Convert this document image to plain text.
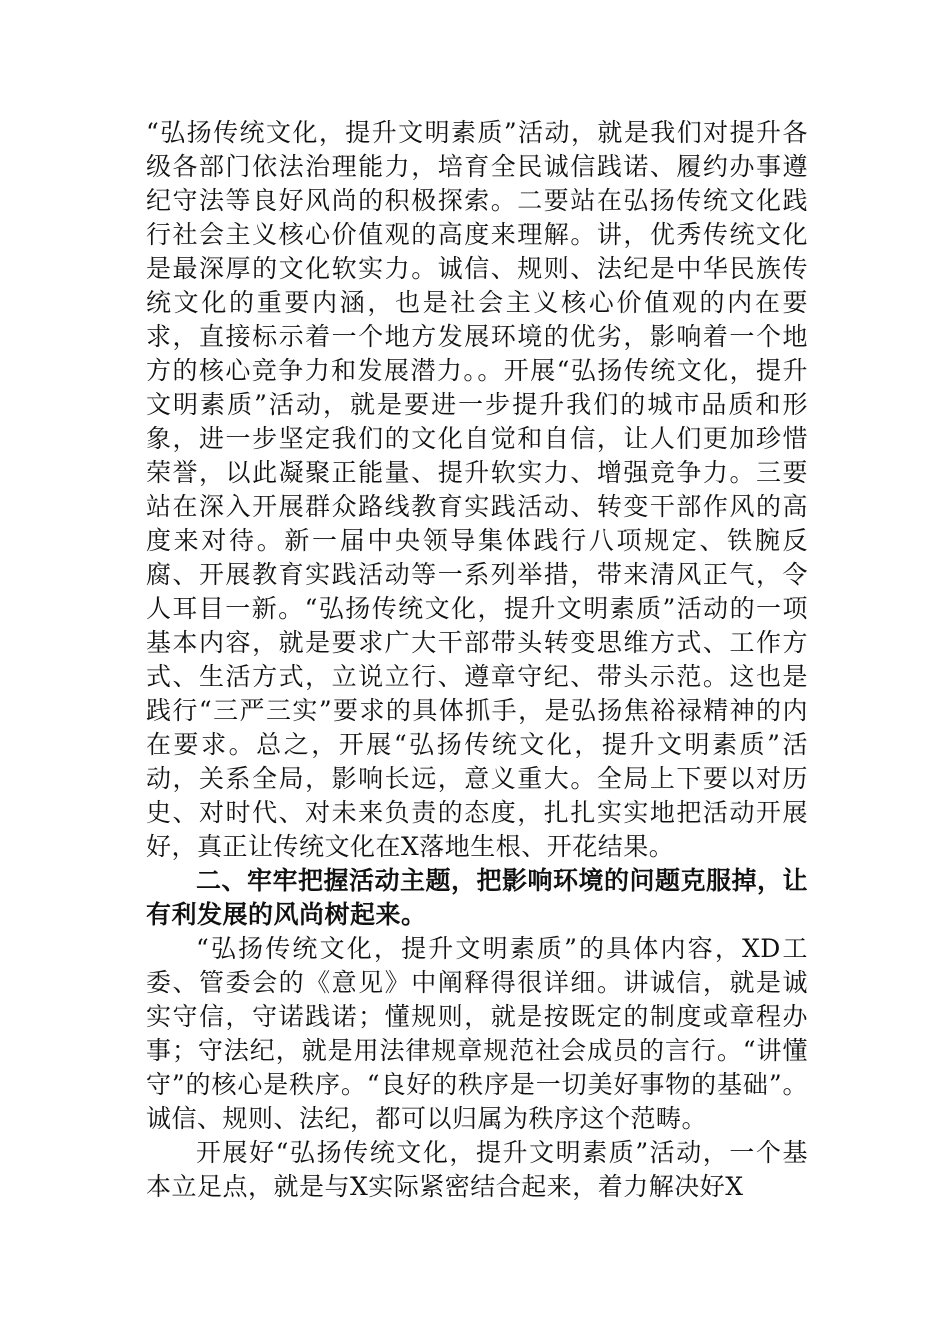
“弘扬传统文化，提升文明素质”活动，就是我们对提升各级各部门依法治理能力，培育全民诚信践诺、履约办事遵纪守法等良好风尚的积极探索。二要站在弘扬传统文化践行社会主义核心价值观的高度来理解。讲，优秀传统文化是最深厚的文化软实力。诚信、规则、法纪是中华民族传统文化的重要内涵，也是社会主义核心价值观的内在要求，直接标示着一个地方发展环境的优劣，影响着一个地方的核心竞争力和发展潜力。。开展“弘扬传统文化，提升文明素质”活动，就是要进一步提升我们的城市品质和形象，进一步坚定我们的文化自觉和自信，让人们更加珍惜荣誉，以此凝聚正能量、提升软实力、增强竞争力。三要站在深入开展群众路线教育实践活动、转变干部作风的高度来对待。新一届中央领导集体践行八项规定、铁腕反腐、开展教育实践活动等一系列举措，带来清风正气，令人耳目一新。“弘扬传统文化，提升文明素质”活动的一项基本内容，就是要求广大干部带头转变思维方式、工作方式、生活方式，立说立行、遵章守纪、带头示范。这也是践行“三严三实”要求的具体抓手，是弘扬焦裕禄精神的内在要求。总之，开展“弘扬传统文化，提升文明素质”活动，关系全局，影响长远，意义重大。全局上下要以对历史、对时代、对未来负责的态度，扎扎实实地把活动开展好，真正让传统文化在X落地生根、开花结果。

二、牢牢把握活动主题，把影响环境的问题克服掉，让有利发展的风尚树起来。

“弘扬传统文化，提升文明素质”的具体内容，XD工委、管委会的《意见》中阐释得很详细。讲诚信，就是诚实守信，守诺践诺；懂规则，就是按既定的制度或章程办事；守法纪，就是用法律规章规范社会成员的言行。“讲懂守”的核心是秩序。“良好的秩序是一切美好事物的基础”。诚信、规则、法纪，都可以归属为秩序这个范畴。

开展好“弘扬传统文化，提升文明素质”活动，一个基本立足点，就是与X实际紧密结合起来，着力解决好X
